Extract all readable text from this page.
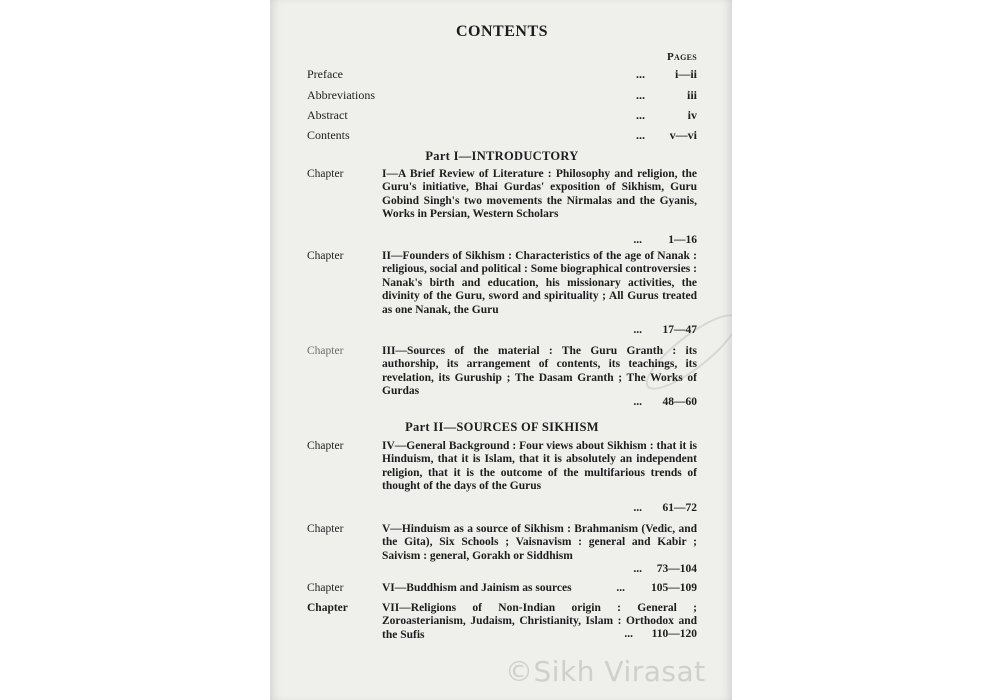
CONTENTS
Pages
Preface	... i—ii
Abbreviations	...	iii
Abstract	...	iv
Contents	... v—vi
Part I—INTRODUCTORY
Chapter	I—A Brief Review of Literature : Philosophy and religion, the Guru's initiative, Bhai Gurdas' exposition of Sikhism, Guru Gobind Singh's two movements the Nirmalas and the Gyanis, Works in Persian, Western Scholars
... 1—16
Chapter	II—Founders of Sikhism : Characteristics of the age of Nanak : religious, social and political : Some biographical controversies : Nanak's birth and education, his missionary activities, the divinity of the Guru, sword and spirituality ; All Gurus treated as one Nanak, the Guru
... 17—47
Chapter	III—Sources of the material : The Guru Granth : its authorship, its arrangement of contents, its teachings, its revelation, its Guruship ; The Dasam Granth ; The Works of Gurdas
... 48—60
Part II—SOURCES OF SIKHISM
Chapter	IV—General Background : Four views about Sikhism : that it is Hinduism, that it is Islam, that it is absolutely an independent religion, that it is the outcome of the multifarious trends of thought of the days of the Gurus
... 61—72
Chapter	V—Hinduism as a source of Sikhism : Brahmanism (Vedic, and the Gita), Six Schools ; Vaisnavism : general and Kabir ; Saivism : general, Gorakh or Siddhism
... 73—104
Chapter	VI—Buddhism and Jainism as sources	... 105—109
Chapter	VII—Religions of Non-Indian origin : General ; Zoroasterianism, Judaism, Christianity, Islam : Orthodox and the Sufis	... 110—120
©Sikh Virasat
